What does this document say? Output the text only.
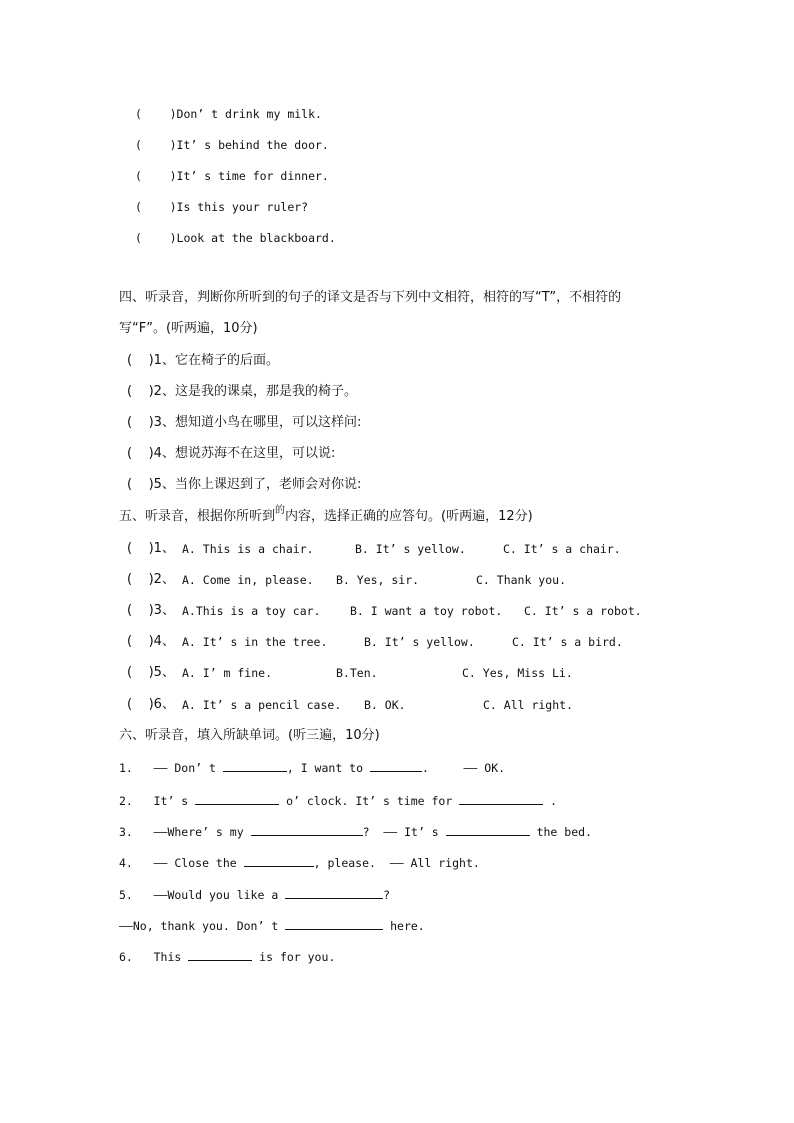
(    )Don’ t drink my milk.
(    )It’ s behind the door.
(    )It’ s time for dinner.
(    )Is this your ruler?
(    )Look at the blackboard.
四、听录音，判断你所听到的句子的译文是否与下列中文相符，相符的写“T”，不相符的
写“F”。(听两遍，10分)
(    )1、它在椅子的后面。
(    )2、这是我的课桌，那是我的椅子。
(    )3、想知道小鸟在哪里，可以这样问:
(    )4、想说苏海不在这里，可以说:
(    )5、当你上课迟到了，老师会对你说:
五、听录音，根据你所听到$^的$内容，选择正确的应答句。(听两遍，12分)
(    )1、 A. This is a chair.	B. It’ s yellow.	C. It’ s a chair.
(    )2、 A. Come in, please. B. Yes, sir.	C. Thank you.
(    )3、 A.This is a toy car.	B. I want a toy robot. C. It’ s a robot.
(    )4、 A. It’ s in the tree.	B. It’ s yellow.	C. It’ s a bird.
(    )5、 A. I’ m fine.	B.Ten.	C. Yes, Miss Li.
(    )6、 A. It’ s a pencil case. B. OK.	C. All right.
六、听录音，填入所缺单词。(听三遍，10分)
1.   —— Don’ t	, I want to	.     —— OK.
2.   It’ s	o’ clock. It’ s time for	.
3.   ——Where’ s my	?  —— It’ s	the bed.
4.   —— Close the	, please.  —— All right.
5.   ——Would you like a	?
——No, thank you. Don’ t	here.
6.   This	is for you.
